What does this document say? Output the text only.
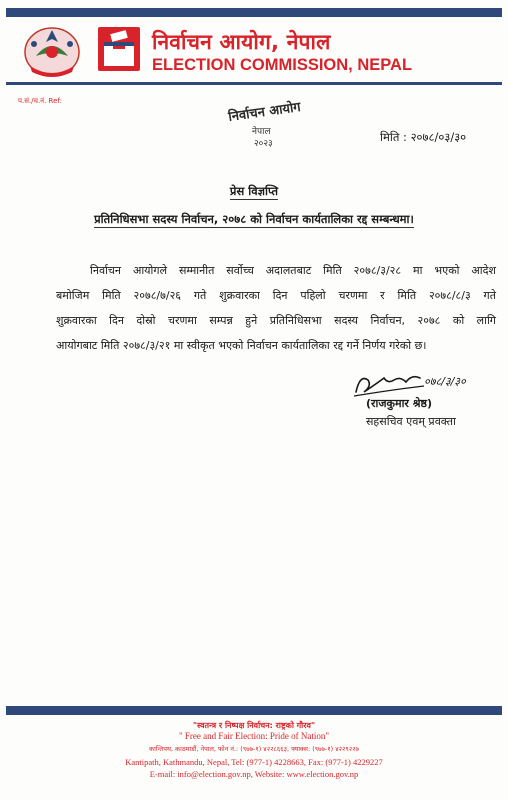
निर्वाचन आयोग, नेपाल
ELECTION COMMISSION, NEPAL
प.सं./च.नं. Ref:	निर्वाचन आयोग
नेपाल
२०२३	मिति : २०७८/०३/३०
प्रेस विज्ञप्ति
प्रतिनिधिसभा सदस्य निर्वाचन, २०७८ को निर्वाचन कार्यतालिका रद्द सम्बन्धमा।
निर्वाचन आयोगले सम्मानीत सर्वोच्च अदालतबाट मिति २०७८/३/२८ मा भएको आदेश
बमोजिम मिति २०७८/७/२६ गते शुक्रवारका दिन पहिलो चरणमा र मिति २०७८/८/३ गते
शुक्रवारका दिन दोस्रो चरणमा सम्पन्न हुने प्रतिनिधिसभा सदस्य निर्वाचन, २०७८ को लागि
आयोगबाट मिति २०७८/३/२१ मा स्वीकृत भएको निर्वाचन कार्यतालिका रद्द गर्ने निर्णय गरेको छ।
०७८/३/३०
(राजकुमार श्रेष्ठ)
सहसचिव एवम् प्रवक्ता
"स्वतन्त्र र निष्पक्ष निर्वाचन: राष्ट्रको गौरव"
" Free and Fair Election: Pride of Nation"
कान्तिपथ, काठमाडौं, नेपाल, फोन नं.: (९७७-१) ४२२८६६३, फ्याक्स: (९७७-१) ४२२९२२७
Kantipath, Kathmandu, Nepal, Tel: (977-1) 4228663, Fax: (977-1) 4229227
E-mail: info@election.gov.np, Website: www.election.gov.np
